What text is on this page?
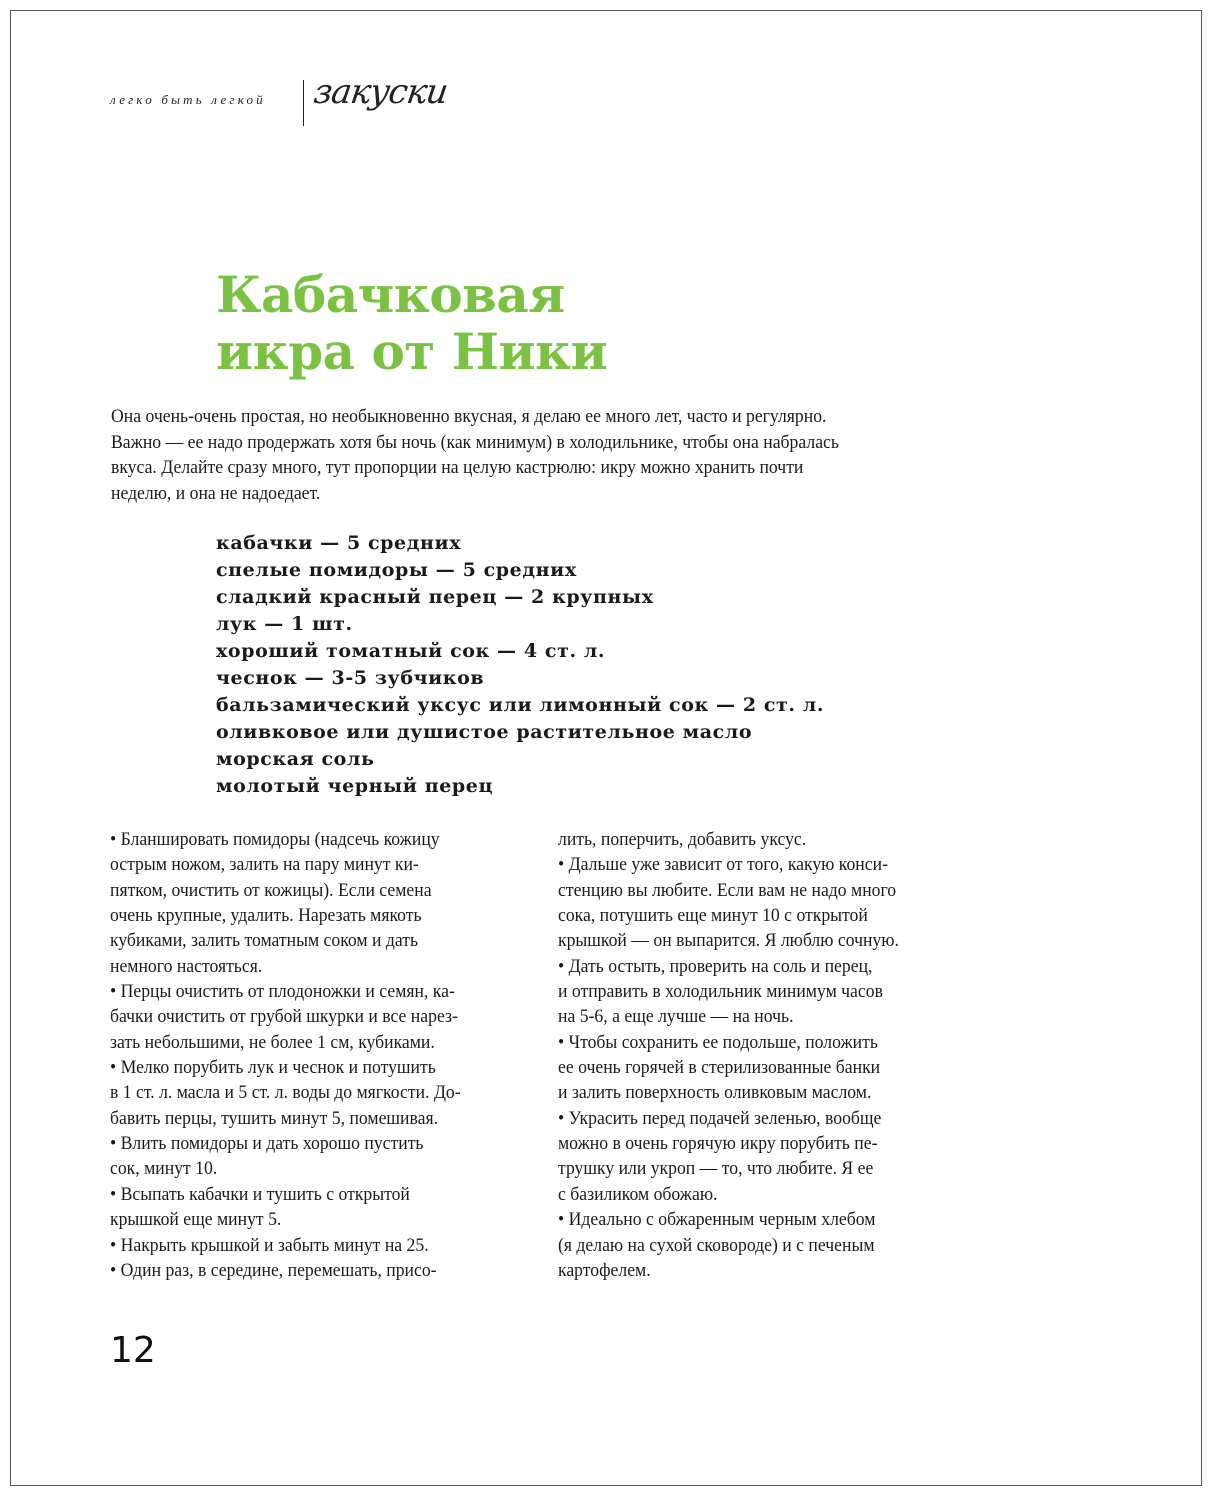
легко быть легкой закуски
Кабачковая
икра от Ники
Она очень-очень простая, но необыкновенно вкусная, я делаю ее много лет, часто и регулярно.
Важно — ее надо продержать хотя бы ночь (как минимум) в холодильнике, чтобы она набралась
вкуса. Делайте сразу много, тут пропорции на целую кастрюлю: икру можно хранить почти
неделю, и она не надоедает.
кабачки — 5 средних
спелые помидоры — 5 средних
сладкий красный перец — 2 крупных
лук — 1 шт.
хороший томатный сок — 4 ст. л.
чеснок — 3-5 зубчиков
бальзамический уксус или лимонный сок — 2 ст. л.
оливковое или душистое растительное масло
морская соль
молотый черный перец
• Бланшировать помидоры (надсечь кожицу
острым ножом, залить на пару минут ки-
пятком, очистить от кожицы). Если семена
очень крупные, удалить. Нарезать мякоть
кубиками, залить томатным соком и дать
немного настояться.
• Перцы очистить от плодоножки и семян, ка-
бачки очистить от грубой шкурки и все нарез-
зать небольшими, не более 1 см, кубиками.
• Мелко порубить лук и чеснок и потушить
в 1 ст. л. масла и 5 ст. л. воды до мягкости. До-
бавить перцы, тушить минут 5, помешивая.
• Влить помидоры и дать хорошо пустить
сок, минут 10.
• Всыпать кабачки и тушить с открытой
крышкой еще минут 5.
• Накрыть крышкой и забыть минут на 25.
• Один раз, в середине, перемешать, присо-
лить, поперчить, добавить уксус.
• Дальше уже зависит от того, какую конси-
стенцию вы любите. Если вам не надо много
сока, потушить еще минут 10 с открытой
крышкой — он выпарится. Я люблю сочную.
• Дать остыть, проверить на соль и перец,
и отправить в холодильник минимум часов
на 5-6, а еще лучше — на ночь.
• Чтобы сохранить ее подольше, положить
ее очень горячей в стерилизованные банки
и залить поверхность оливковым маслом.
• Украсить перед подачей зеленью, вообще
можно в очень горячую икру порубить пе-
трушку или укроп — то, что любите. Я ее
с базиликом обожаю.
• Идеально с обжаренным черным хлебом
(я делаю на сухой сковороде) и с печеным
картофелем.
12
